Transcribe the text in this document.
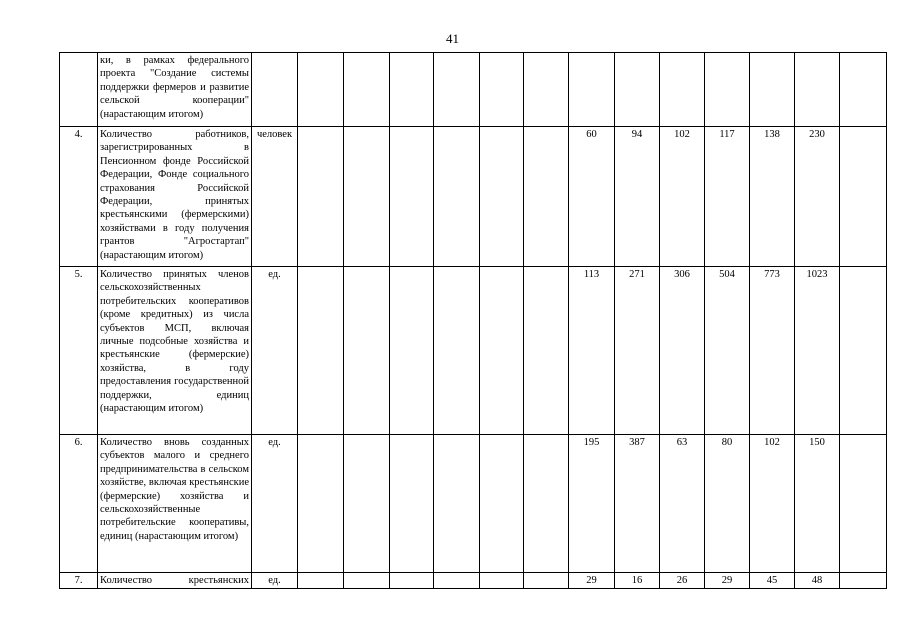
41
	ки, в рамках федерального проекта "Создание системы поддержки фермеров и развитие сельской кооперации" (нарастающим итогом)														
4.	Количество работников, зарегистрированных в Пенсионном фонде Российской Федерации, Фонде социального страхования Российской Федерации, принятых крестьянскими (фермерскими) хозяйствами в году получения грантов "Агростартап" (нарастающим итогом)	человек							60	94	102	117	138	230	
5.	Количество принятых членов сельскохозяйственных потребительских кооперативов (кроме кредитных) из числа субъектов МСП, включая личные подсобные хозяйства и крестьянские (фермерские) хозяйства, в году предоставления государственной поддержки, единиц (нарастающим итогом)	ед.							113	271	306	504	773	1023	
6.	Количество вновь созданных субъектов малого и среднего предпринимательства в сельском хозяйстве, включая крестьянские (фермерские) хозяйства и сельскохозяйственные потребительские кооперативы, единиц (нарастающим итогом)	ед.							195	387	63	80	102	150	
7.	Количество крестьянских	ед.							29	16	26	29	45	48	
